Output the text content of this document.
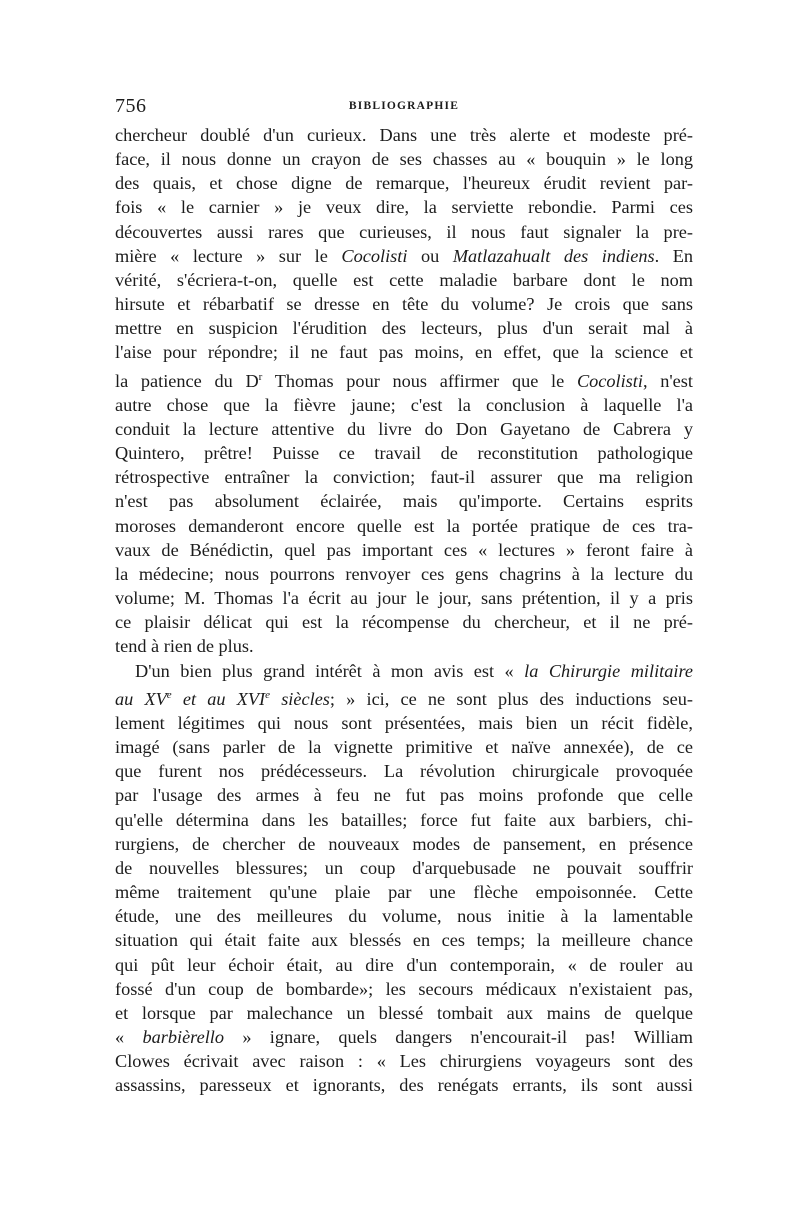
756	BIBLIOGRAPHIE
chercheur doublé d'un curieux. Dans une très alerte et modeste pré-
face, il nous donne un crayon de ses chasses au « bouquin » le long
des quais, et chose digne de remarque, l'heureux érudit revient par-
fois « le carnier » je veux dire, la serviette rebondie. Parmi ces
découvertes aussi rares que curieuses, il nous faut signaler la pre-
mière « lecture » sur le Cocolisti ou Matlazahualt des indiens. En
vérité, s'écriera-t-on, quelle est cette maladie barbare dont le nom
hirsute et rébarbatif se dresse en tête du volume? Je crois que sans
mettre en suspicion l'érudition des lecteurs, plus d'un serait mal à
l'aise pour répondre; il ne faut pas moins, en effet, que la science et
la patience du $D^r$ Thomas pour nous affirmer que le Cocolisti, n'est
autre chose que la fièvre jaune; c'est la conclusion à laquelle l'a
conduit la lecture attentive du livre do Don Gayetano de Cabrera y
Quintero, prêtre! Puisse ce travail de reconstitution pathologique
rétrospective entraîner la conviction; faut-il assurer que ma religion
n'est pas absolument éclairée, mais qu'importe. Certains esprits
moroses demanderont encore quelle est la portée pratique de ces tra-
vaux de Bénédictin, quel pas important ces « lectures » feront faire à
la médecine; nous pourrons renvoyer ces gens chagrins à la lecture du
volume; M. Thomas l'a écrit au jour le jour, sans prétention, il y a pris
ce plaisir délicat qui est la récompense du chercheur, et il ne pré-
tend à rien de plus.
D'un bien plus grand intérêt à mon avis est « la Chirurgie militaire
au XVe et au XVIe siècles; » ici, ce ne sont plus des inductions seu-
lement légitimes qui nous sont présentées, mais bien un récit fidèle,
imagé (sans parler de la vignette primitive et naïve annexée), de ce
que furent nos prédécesseurs. La révolution chirurgicale provoquée
par l'usage des armes à feu ne fut pas moins profonde que celle
qu'elle détermina dans les batailles; force fut faite aux barbiers, chi-
rurgiens, de chercher de nouveaux modes de pansement, en présence
de nouvelles blessures; un coup d'arquebusade ne pouvait souffrir
même traitement qu'une plaie par une flèche empoisonnée. Cette
étude, une des meilleures du volume, nous initie à la lamentable
situation qui était faite aux blessés en ces temps; la meilleure chance
qui pût leur échoir était, au dire d'un contemporain, « de rouler au
fossé d'un coup de bombarde»; les secours médicaux n'existaient pas,
et lorsque par malechance un blessé tombait aux mains de quelque
« barbièrello » ignare, quels dangers n'encourait-il pas! William
Clowes écrivait avec raison : « Les chirurgiens voyageurs sont des
assassins, paresseux et ignorants, des renégats errants, ils sont aussi
